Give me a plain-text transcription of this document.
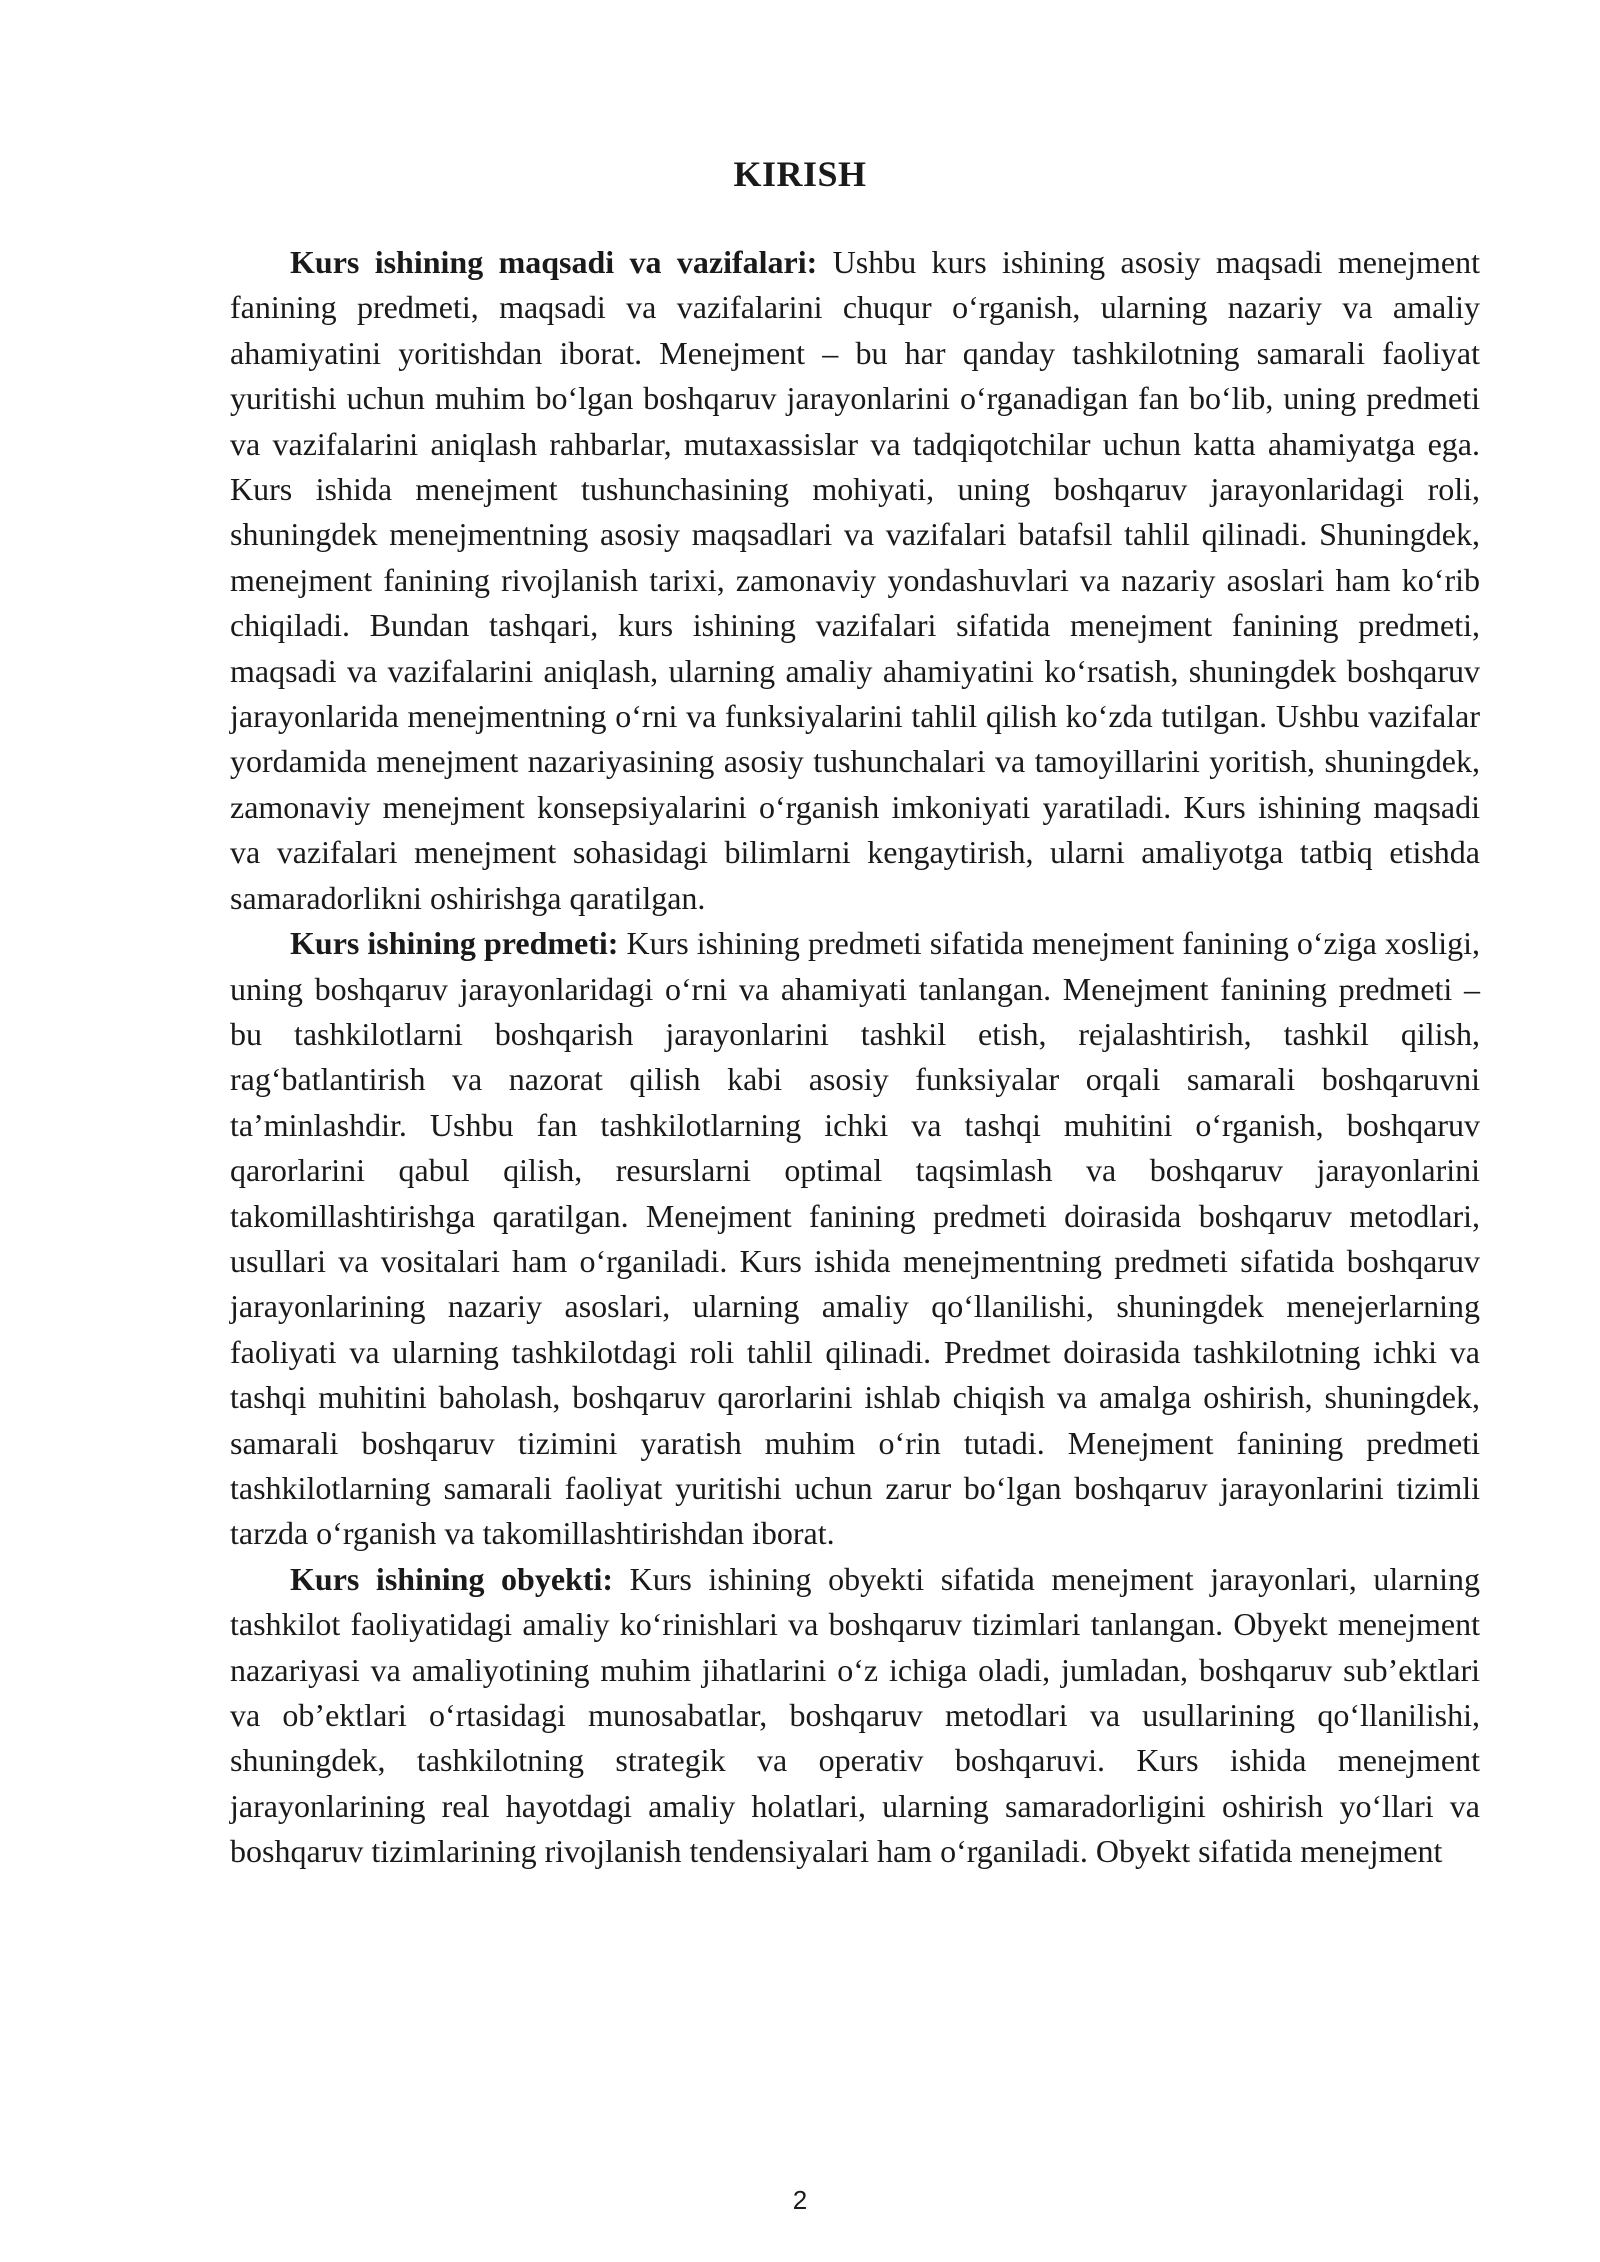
KIRISH

Kurs ishining maqsadi va vazifalari: Ushbu kurs ishining asosiy maqsadi menejment fanining predmeti, maqsadi va vazifalarini chuqur o‘rganish, ularning nazariy va amaliy ahamiyatini yoritishdan iborat. Menejment – bu har qanday tashkilotning samarali faoliyat yuritishi uchun muhim bo‘lgan boshqaruv jarayonlarini o‘rganadigan fan bo‘lib, uning predmeti va vazifalarini aniqlash rahbarlar, mutaxassislar va tadqiqotchilar uchun katta ahamiyatga ega. Kurs ishida menejment tushunchasining mohiyati, uning boshqaruv jarayonlaridagi roli, shuningdek menejmentning asosiy maqsadlari va vazifalari batafsil tahlil qilinadi. Shuningdek, menejment fanining rivojlanish tarixi, zamonaviy yondashuvlari va nazariy asoslari ham ko‘rib chiqiladi. Bundan tashqari, kurs ishining vazifalari sifatida menejment fanining predmeti, maqsadi va vazifalarini aniqlash, ularning amaliy ahamiyatini ko‘rsatish, shuningdek boshqaruv jarayonlarida menejmentning o‘rni va funksiyalarini tahlil qilish ko‘zda tutilgan. Ushbu vazifalar yordamida menejment nazariyasining asosiy tushunchalari va tamoyillarini yoritish, shuningdek, zamonaviy menejment konsepsiyalarini o‘rganish imkoniyati yaratiladi. Kurs ishining maqsadi va vazifalari menejment sohasidagi bilimlarni kengaytirish, ularni amaliyotga tatbiq etishda samaradorlikni oshirishga qaratilgan.

Kurs ishining predmeti: Kurs ishining predmeti sifatida menejment fanining o‘ziga xosligi, uning boshqaruv jarayonlaridagi o‘rni va ahamiyati tanlangan. Menejment fanining predmeti – bu tashkilotlarni boshqarish jarayonlarini tashkil etish, rejalashtirish, tashkil qilish, rag‘batlantirish va nazorat qilish kabi asosiy funksiyalar orqali samarali boshqaruvni ta’minlashdir. Ushbu fan tashkilotlarning ichki va tashqi muhitini o‘rganish, boshqaruv qarorlarini qabul qilish, resurslarni optimal taqsimlash va boshqaruv jarayonlarini takomillashtirishga qaratilgan. Menejment fanining predmeti doirasida boshqaruv metodlari, usullari va vositalari ham o‘rganiladi. Kurs ishida menejmentning predmeti sifatida boshqaruv jarayonlarining nazariy asoslari, ularning amaliy qo‘llanilishi, shuningdek menejerlarning faoliyati va ularning tashkilotdagi roli tahlil qilinadi. Predmet doirasida tashkilotning ichki va tashqi muhitini baholash, boshqaruv qarorlarini ishlab chiqish va amalga oshirish, shuningdek, samarali boshqaruv tizimini yaratish muhim o‘rin tutadi. Menejment fanining predmeti tashkilotlarning samarali faoliyat yuritishi uchun zarur bo‘lgan boshqaruv jarayonlarini tizimli tarzda o‘rganish va takomillashtirishdan iborat.

Kurs ishining obyekti: Kurs ishining obyekti sifatida menejment jarayonlari, ularning tashkilot faoliyatidagi amaliy ko‘rinishlari va boshqaruv tizimlari tanlangan. Obyekt menejment nazariyasi va amaliyotining muhim jihatlarini o‘z ichiga oladi, jumladan, boshqaruv sub’ektlari va ob’ektlari o‘rtasidagi munosabatlar, boshqaruv metodlari va usullarining qo‘llanilishi, shuningdek, tashkilotning strategik va operativ boshqaruvi. Kurs ishida menejment jarayonlarining real hayotdagi amaliy holatlari, ularning samaradorligini oshirish yo‘llari va boshqaruv tizimlarining rivojlanish tendensiyalari ham o‘rganiladi. Obyekt sifatida menejment

2
